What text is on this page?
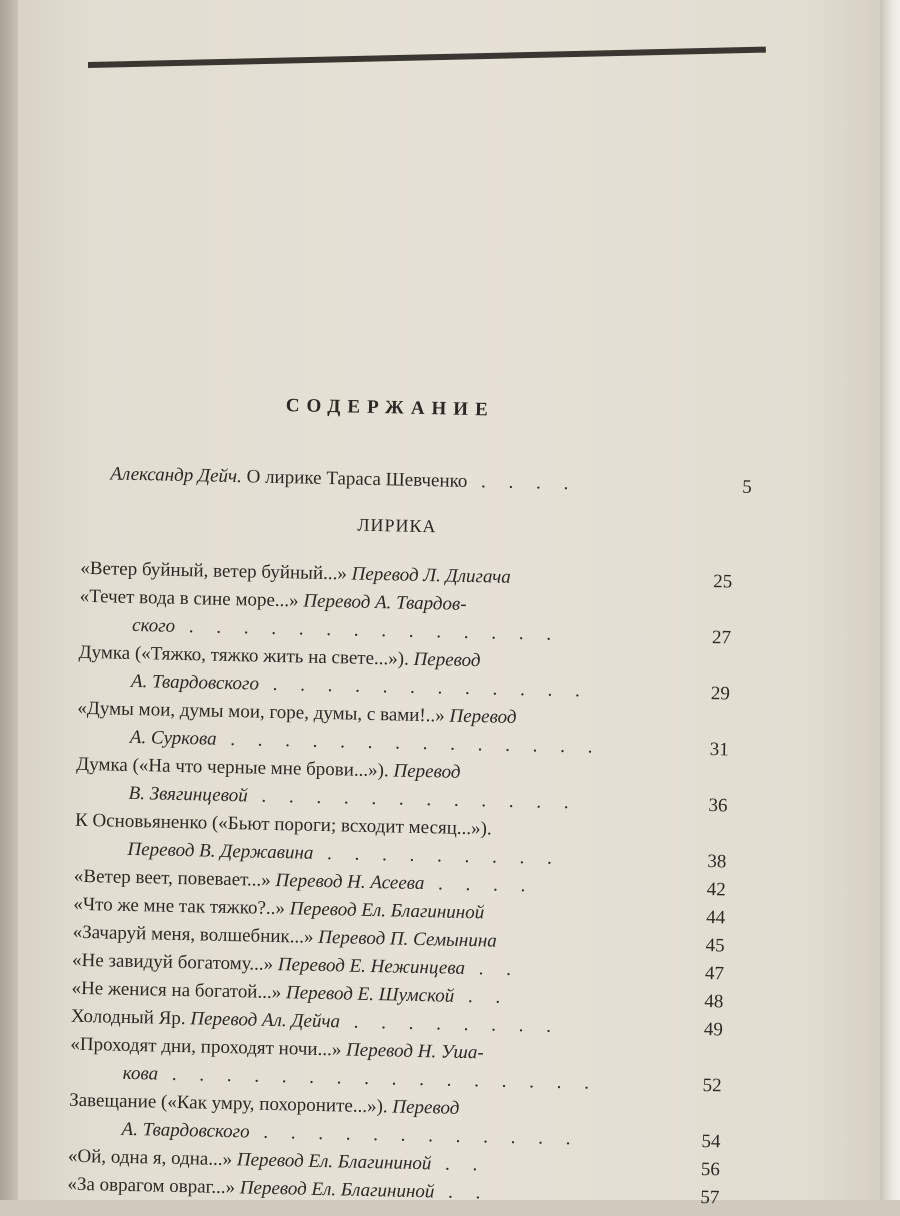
СОДЕРЖАНИЕ
Александр Дейч. О лирике Тараса Шевченко . . . .	5
ЛИРИКА
«Ветер буйный, ветер буйный...» Перевод Л. Длигача	25
«Течет вода в сине море...» Перевод А. Твардов-
ского . . . . . . . . . . . . . .	27
Думка («Тяжко, тяжко жить на свете...»). Перевод
А. Твардовского . . . . . . . . . . . .	29
«Думы мои, думы мои, горе, думы, с вами!..» Перевод
А. Суркова . . . . . . . . . . . . . .	31
Думка («На что черные мне брови...»). Перевод
В. Звягинцевой . . . . . . . . . . . .	36
К Основьяненко («Бьют пороги; всходит месяц...»).
Перевод В. Державина . . . . . . . . .	38
«Ветер веет, повевает...» Перевод Н. Асеева . . . .	42
«Что же мне так тяжко?..» Перевод Ел. Благининой	44
«Зачаруй меня, волшебник...» Перевод П. Семынина	45
«Не завидуй богатому...» Перевод Е. Нежинцева . .	47
«Не женися на богатой...» Перевод Е. Шумской . .	48
Холодный Яр. Перевод Ал. Дейча . . . . . . . .	49
«Проходят дни, проходят ночи...» Перевод Н. Уша-
кова . . . . . . . . . . . . . . . .	52
Завещание («Как умру, похороните...»). Перевод
А. Твардовского . . . . . . . . . . . .	54
«Ой, одна я, одна...» Перевод Ел. Благининой . .	56
«За оврагом овраг...» Перевод Ел. Благининой . .	57
